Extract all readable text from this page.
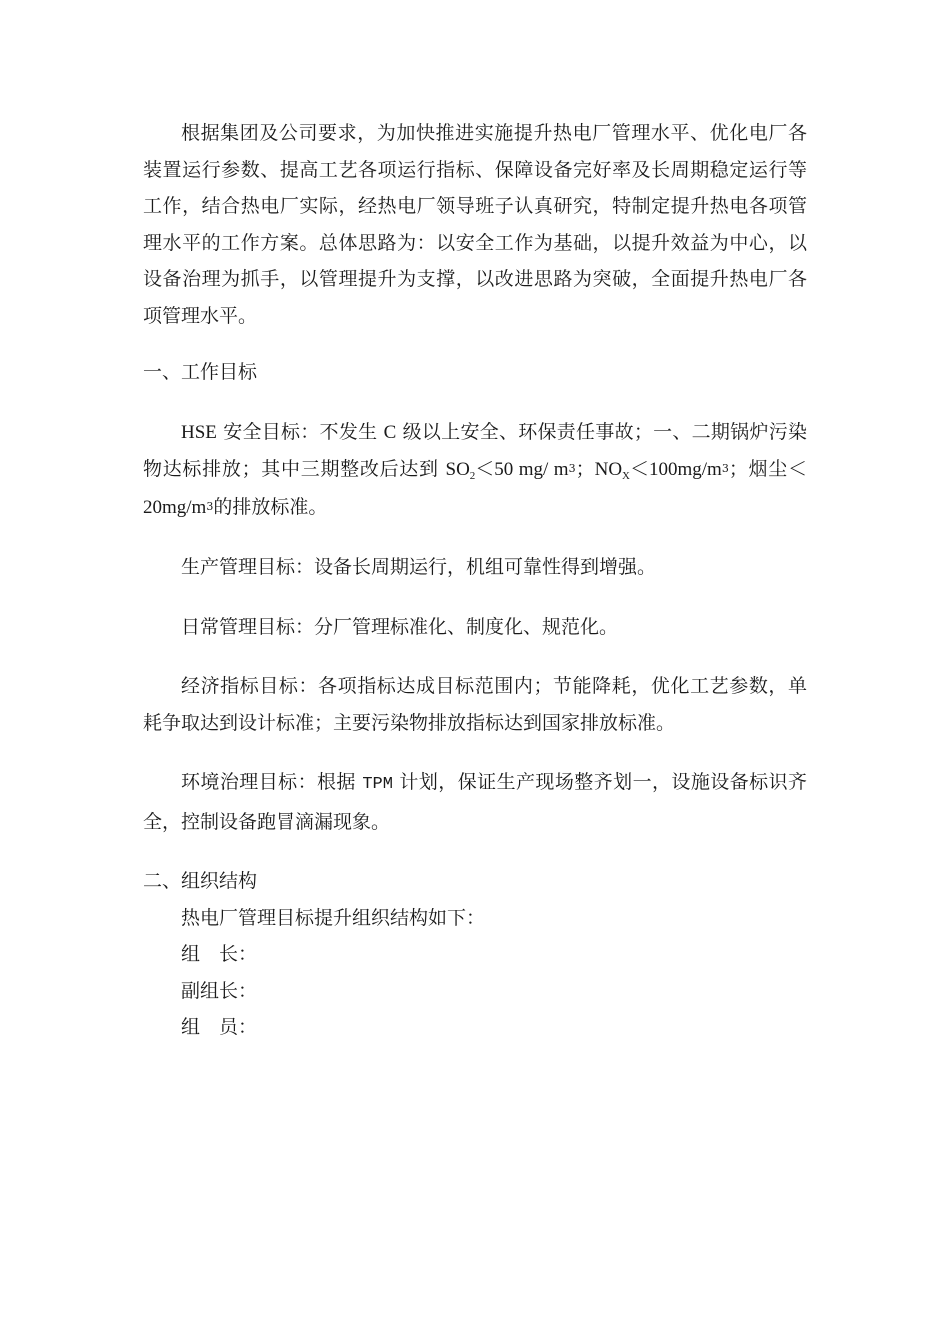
根据集团及公司要求，为加快推进实施提升热电厂管理水平、优化电厂各装置运行参数、提高工艺各项运行指标、保障设备完好率及长周期稳定运行等工作，结合热电厂实际，经热电厂领导班子认真研究，特制定提升热电各项管理水平的工作方案。总体思路为：以安全工作为基础，以提升效益为中心，以设备治理为抓手，以管理提升为支撑，以改进思路为突破，全面提升热电厂各项管理水平。

一、工作目标

HSE 安全目标：不发生 C 级以上安全、环保责任事故；一、二期锅炉污染物达标排放；其中三期整改后达到 $SO_2<50$ mg/ $m^3$；$NO_X<100mg/m^3$；烟尘$<20mg/m^3$的排放标准。

生产管理目标：设备长周期运行，机组可靠性得到增强。

日常管理目标：分厂管理标准化、制度化、规范化。

经济指标目标：各项指标达成目标范围内；节能降耗，优化工艺参数，单耗争取达到设计标准；主要污染物排放指标达到国家排放标准。

环境治理目标：根据 TPM 计划，保证生产现场整齐划一，设施设备标识齐全，控制设备跑冒滴漏现象。

二、组织结构

热电厂管理目标提升组织结构如下：

组　长：

副组长：

组　员：
